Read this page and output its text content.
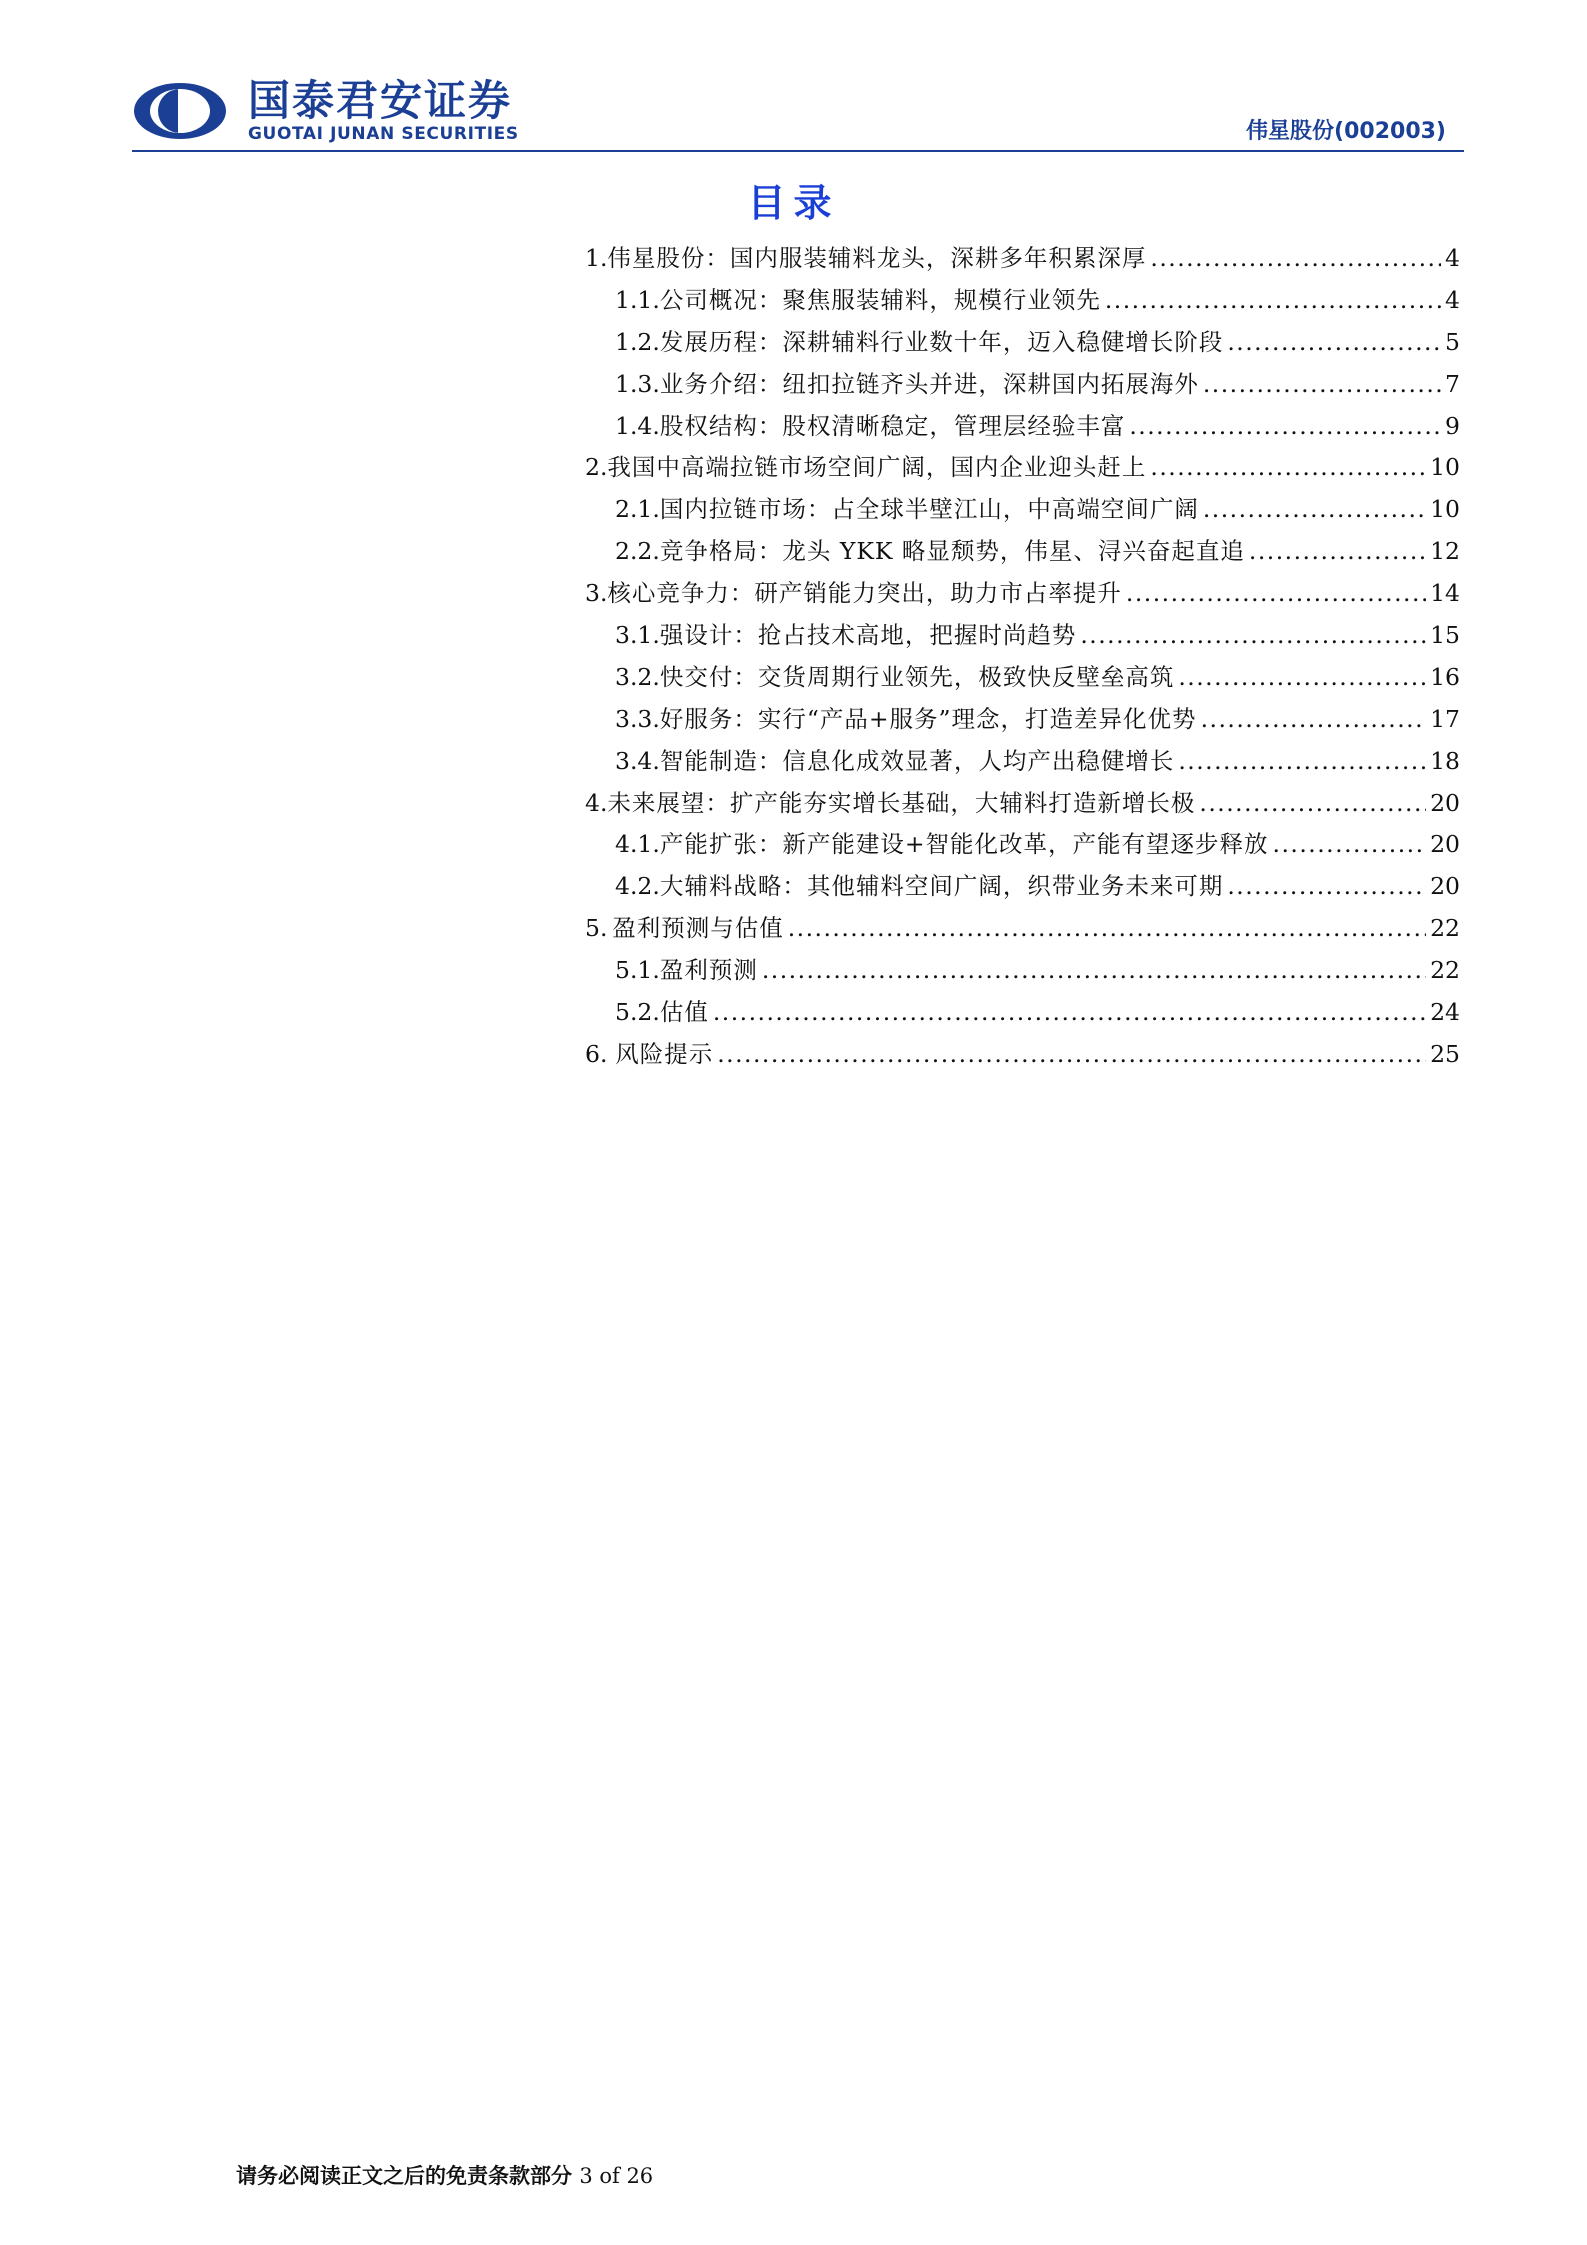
国泰君安证券
GUOTAI JUNAN SECURITIES	伟星股份(002003)
目录
1. 伟星股份：国内服装辅料龙头，深耕多年积累深厚 . . .	4
1.1. 公司概况：聚焦服装辅料，规模行业领先 . . .	4
1.2. 发展历程：深耕辅料行业数十年，迈入稳健增长阶段 . . .	5
1.3. 业务介绍：纽扣拉链齐头并进，深耕国内拓展海外 . . .	7
1.4. 股权结构：股权清晰稳定，管理层经验丰富 . . .	9
2. 我国中高端拉链市场空间广阔，国内企业迎头赶上 . . .	10
2.1. 国内拉链市场：占全球半壁江山，中高端空间广阔 . . .	10
2.2. 竞争格局：龙头 YKK 略显颓势，伟星、浔兴奋起直追 . . .	12
3. 核心竞争力：研产销能力突出，助力市占率提升 . . .	14
3.1. 强设计：抢占技术高地，把握时尚趋势 . . .	15
3.2. 快交付：交货周期行业领先，极致快反壁垒高筑 . . .	16
3.3. 好服务：实行“产品+服务”理念，打造差异化优势 . . .	17
3.4. 智能制造：信息化成效显著，人均产出稳健增长 . . .	18
4. 未来展望：扩产能夯实增长基础，大辅料打造新增长极 . . .	20
4.1. 产能扩张：新产能建设+智能化改革，产能有望逐步释放 . . .	20
4.2. 大辅料战略：其他辅料空间广阔，织带业务未来可期 . . .	20
5. 盈利预测与估值 . . .	22
5.1. 盈利预测 . . .	22
5.2. 估值 . . .	24
6. 风险提示 . . .	25
请务必阅读正文之后的免责条款部分 3 of 26
